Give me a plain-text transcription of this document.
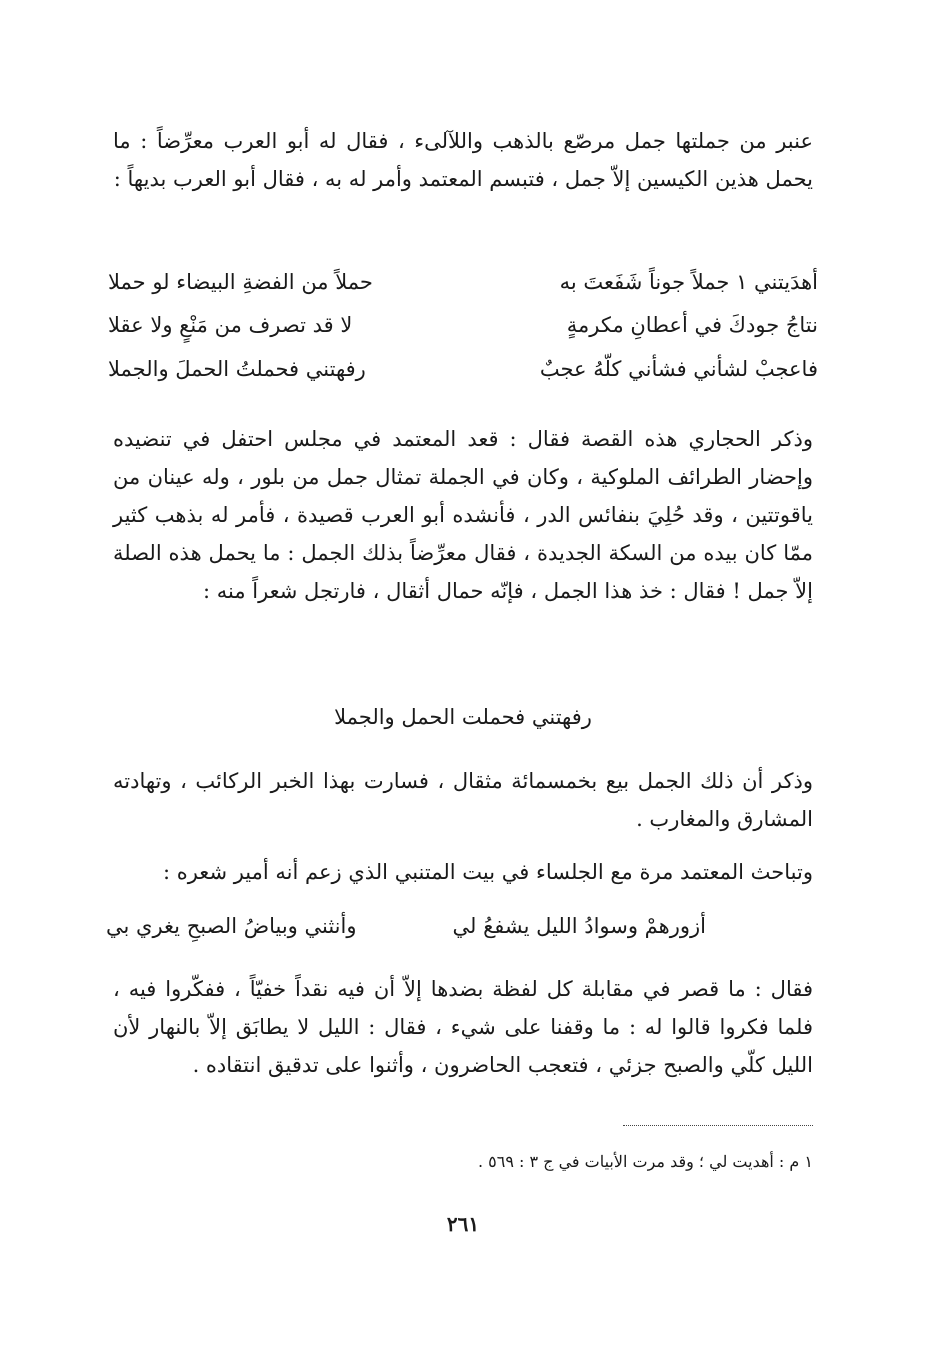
عنبر من جملتها جمل مرصّع بالذهب واللآلىء ، فقال له أبو العرب معرِّضاً : ما يحمل هذين الكيسين إلاّ جمل ، فتبسم المعتمد وأمر له به ، فقال أبو العرب بديهاً :

أهدَيتني ١ جملاً جوناً شَفَعتَ به
حملاً من الفضةِ البيضاء لو حملا
نتاجُ جودكَ في أعطانِ مكرمةٍ
لا قد تصرف من مَنْعٍ ولا عقلا
فاعجبْ لشأني فشأني كلّهُ عجبٌ
رفهتني فحملتُ الحملَ والجملا

وذكر الحجاري هذه القصة فقال : قعد المعتمد في مجلس احتفل في تنضيده وإحضار الطرائف الملوكية ، وكان في الجملة تمثال جمل من بلور ، وله عينان من ياقوتتين ، وقد حُلِيَ بنفائس الدر ، فأنشده أبو العرب قصيدة ، فأمر له بذهب كثير ممّا كان بيده من السكة الجديدة ، فقال معرِّضاً بذلك الجمل : ما يحمل هذه الصلة إلاّ جمل ! فقال : خذ هذا الجمل ، فإنّه حمال أثقال ، فارتجل شعراً منه :

رفهتني فحملت الحمل والجملا

وذكر أن ذلك الجمل بيع بخمسمائة مثقال ، فسارت بهذا الخبر الركائب ، وتهادته المشارق والمغارب .

وتباحث المعتمد مرة مع الجلساء في بيت المتنبي الذي زعم أنه أمير شعره :

أزورهمْ وسوادُ الليل يشفعُ لي
وأنثني وبياضُ الصبحِ يغري بي

فقال : ما قصر في مقابلة كل لفظة بضدها إلاّ أن فيه نقداً خفيّاً ، ففكّروا فيه ، فلما فكروا قالوا له : ما وقفنا على شيء ، فقال : الليل لا يطابَق إلاّ بالنهار لأن الليل كلّي والصبح جزئي ، فتعجب الحاضرون ، وأثنوا على تدقيق انتقاده .

١ م : أهديت لي ؛ وقد مرت الأبيات في ج ٣ : ٥٦٩ .
٢٦١
